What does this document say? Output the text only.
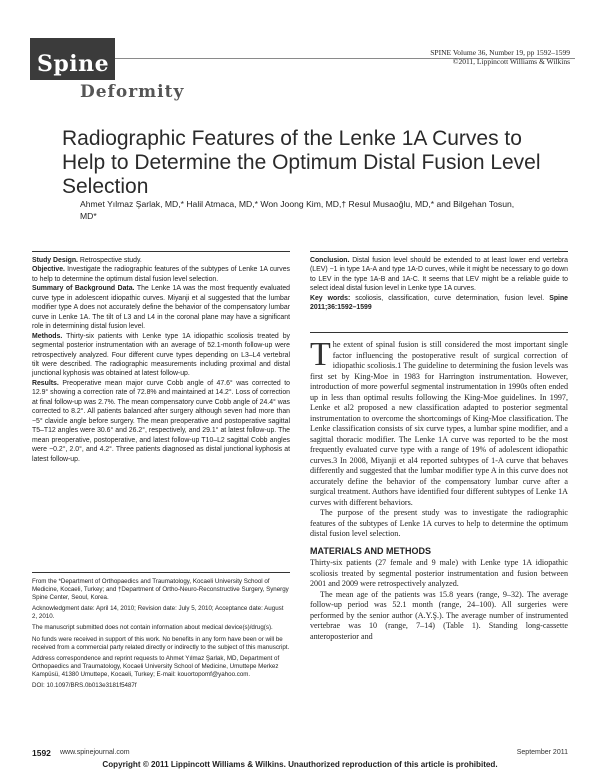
Spine
Deformity
SPINE Volume 36, Number 19, pp 1592–1599
©2011, Lippincott Williams & Wilkins
Radiographic Features of the Lenke 1A Curves to Help to Determine the Optimum Distal Fusion Level Selection
Ahmet Yılmaz Şarlak, MD,* Halil Atmaca, MD,* Won Joong Kim, MD,† Resul Musaoğlu, MD,* and Bilgehan Tosun, MD*
Study Design. Retrospective study.
Objective. Investigate the radiographic features of the subtypes of Lenke 1A curves to help to determine the optimum distal fusion level selection.
Summary of Background Data. The Lenke 1A was the most frequently evaluated curve type in adolescent idiopathic curves. Miyanji et al suggested that the lumbar modifier type A does not accurately define the behavior of the compensatory lumbar curve in Lenke 1A. The tilt of L3 and L4 in the coronal plane may have a significant role in determining distal fusion level.
Methods. Thirty-six patients with Lenke type 1A idiopathic scoliosis treated by segmental posterior instrumentation with an average of 52.1-month follow-up were retrospectively analyzed. Four different curve types depending on L3–L4 vertebral tilt were described. The radiographic measurements including proximal and distal junctional kyphosis was obtained at latest follow-up.
Results. Preoperative mean major curve Cobb angle of 47.6° was corrected to 12.9° showing a correction rate of 72.8% and maintained at 14.2°. Loss of correction at final follow-up was 2.7%. The mean compensatory curve Cobb angle of 24.4° was corrected to 8.2°. All patients balanced after surgery although seven had more than −5° clavicle angle before surgery. The mean preoperative and postoperative sagittal T5–T12 angles were 30.6° and 26.2°, respectively, and 29.1° at latest follow-up. The mean preoperative, postoperative, and latest follow-up T10–L2 sagittal Cobb angles were −0.2°, 2.0°, and 4.2°. Three patients diagnosed as distal junctional kyphosis at latest follow-up.
Conclusion. Distal fusion level should be extended to at least lower end vertebra (LEV) −1 in type 1A-A and type 1A-D curves, while it might be necessary to go down to LEV in the type 1A-B and 1A-C. It seems that LEV might be a reliable guide to select ideal distal fusion level in Lenke type 1A curves.
Key words: scoliosis, classification, curve determination, fusion level. Spine 2011;36:1592–1599

From the *Department of Orthopaedics and Traumatology, Kocaeli University School of Medicine, Kocaeli, Turkey; and †Department of Ortho-Neuro-Reconstructive Surgery, Synergy Spine Center, Seoul, Korea.

Acknowledgment date: April 14, 2010; Revision date: July 5, 2010; Acceptance date: August 2, 2010.

The manuscript submitted does not contain information about medical device(s)/drug(s).

No funds were received in support of this work. No benefits in any form have been or will be received from a commercial party related directly or indirectly to the subject of this manuscript.

Address correspondence and reprint requests to Ahmet Yılmaz Şarlak, MD, Department of Orthopaedics and Traumatology, Kocaeli University School of Medicine, Umuttepe Merkez Kampüsü, 41380 Umuttepe, Kocaeli, Turkey; E-mail: kouortopomf@yahoo.com.

DOI: 10.1097/BRS.0b013e3181f5487f

The extent of spinal fusion is still considered the most important single factor influencing the postoperative result of surgical correction of idiopathic scoliosis.1 The guideline to determining the fusion levels was first set by King-Moe in 1983 for Harrington instrumentation. However, introduction of more powerful segmental instrumentation in 1990s often ended up in less than optimal results following the King-Moe guidelines. In 1997, Lenke et al2 proposed a new classification adapted to posterior segmental instrumentation to overcome the shortcomings of King-Moe classification. The Lenke classification consists of six curve types, a lumbar spine modifier, and a sagittal thoracic modifier. The Lenke 1A curve was reported to be the most frequently evaluated curve type with a range of 19% of adolescent idiopathic curves.3 In 2008, Miyanji et al4 reported subtypes of 1-A curve that behaves differently and suggested that the lumbar modifier type A in this curve does not accurately define the behavior of the compensatory lumbar curve after a surgical treatment. Authors have identified four different subtypes of Lenke 1A curves with different behaviors.

The purpose of the present study was to investigate the radiographic features of the subtypes of Lenke 1A curves to help to determine the optimum distal fusion level selection.

MATERIALS AND METHODS

Thirty-six patients (27 female and 9 male) with Lenke type 1A idiopathic scoliosis treated by segmental posterior instrumentation and fusion between 2001 and 2009 were retrospectively analyzed.

The mean age of the patients was 15.8 years (range, 9–32). The average follow-up period was 52.1 month (range, 24–100). All surgeries were performed by the senior author (A.Y.Ş.). The average number of instrumented vertebrae was 10 (range, 7–14) (Table 1). Standing long-cassette anteroposterior and

1592 www.spinejournal.com	September 2011
Copyright © 2011 Lippincott Williams & Wilkins. Unauthorized reproduction of this article is prohibited.
